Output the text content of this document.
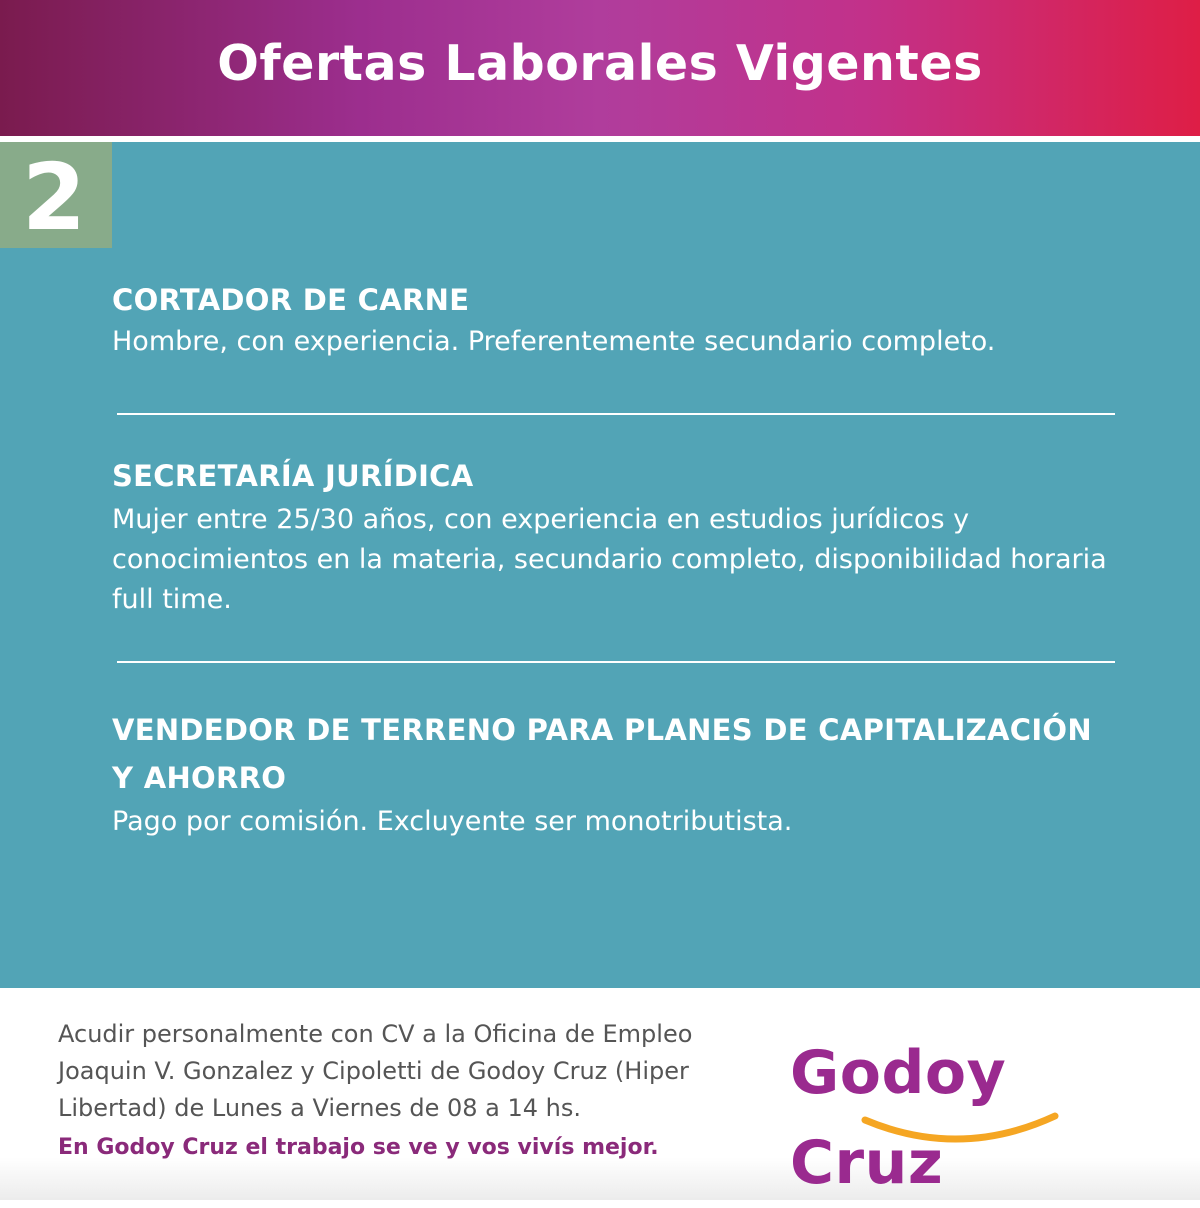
Ofertas Laborales Vigentes
2
CORTADOR DE CARNE
Hombre, con experiencia. Preferentemente secundario completo.
SECRETARÍA JURÍDICA
Mujer entre 25/30 años, con experiencia en estudios jurídicos y conocimientos en la materia, secundario completo, disponibilidad horaria full time.
VENDEDOR DE TERRENO PARA PLANES DE CAPITALIZACIÓN Y AHORRO
Pago por comisión. Excluyente ser monotributista.
Acudir personalmente con CV a la Oficina de Empleo Joaquin V. Gonzalez y Cipoletti de Godoy Cruz (Hiper Libertad) de Lunes a Viernes de 08 a 14 hs.
En Godoy Cruz el trabajo se ve y vos vivís mejor.
Godoy Cruz
